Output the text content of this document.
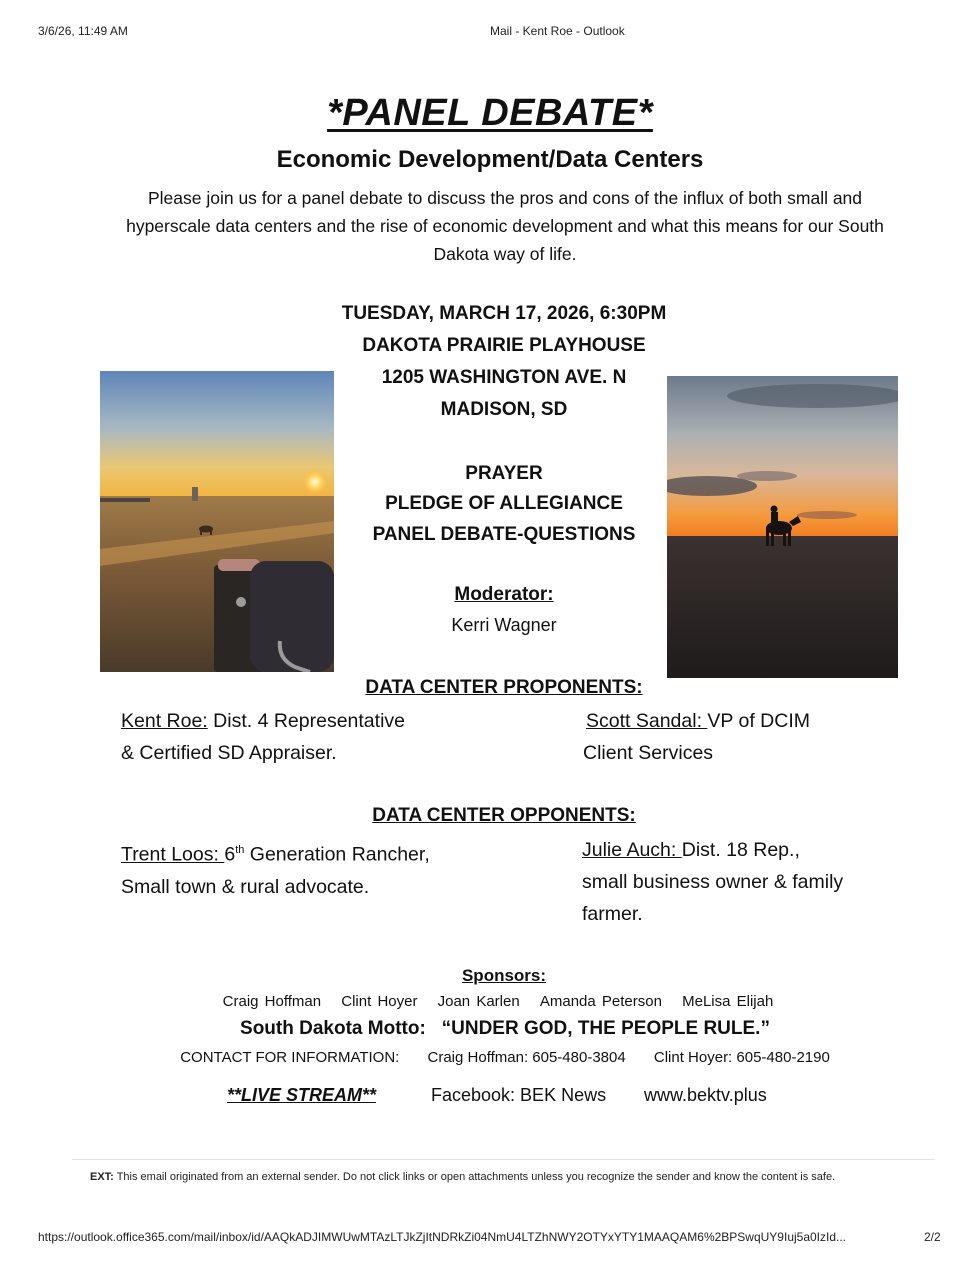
3/6/26, 11:49 AM	Mail - Kent Roe - Outlook
*PANEL DEBATE*
Economic Development/Data Centers
Please join us for a panel debate to discuss the pros and cons of the influx of both small and hyperscale data centers and the rise of economic development and what this means for our South Dakota way of life.
TUESDAY, MARCH 17, 2026, 6:30PM
DAKOTA PRAIRIE PLAYHOUSE
1205 WASHINGTON AVE. N
MADISON, SD
PRAYER
PLEDGE OF ALLEGIANCE
PANEL DEBATE-QUESTIONS
Moderator:
Kerri Wagner
DATA CENTER PROPONENTS:
Kent Roe: Dist. 4 Representative
& Certified SD Appraiser.
Scott Sandal: VP of DCIM
Client Services
DATA CENTER OPPONENTS:
Trent Loos: 6th Generation Rancher,
Small town & rural advocate.
Julie Auch: Dist. 18 Rep.,
small business owner & family
farmer.
Sponsors:
Craig Hoffman Clint Hoyer Joan Karlen Amanda Peterson MeLisa Elijah
South Dakota Motto: “UNDER GOD, THE PEOPLE RULE.”
CONTACT FOR INFORMATION: Craig Hoffman: 605-480-3804 Clint Hoyer: 605-480-2190
**LIVE STREAM**	Facebook: BEK News www.bektv.plus
EXT: This email originated from an external sender. Do not click links or open attachments unless you recognize the sender and know the content is safe.
https://outlook.office365.com/mail/inbox/id/AAQkADJIMWUwMTAzLTJkZjItNDRkZi04NmU4LTZhNWY2OTYxYTY1MAAQAM6%2BPSwqUY9Iuj5a0IzId...	2/2
